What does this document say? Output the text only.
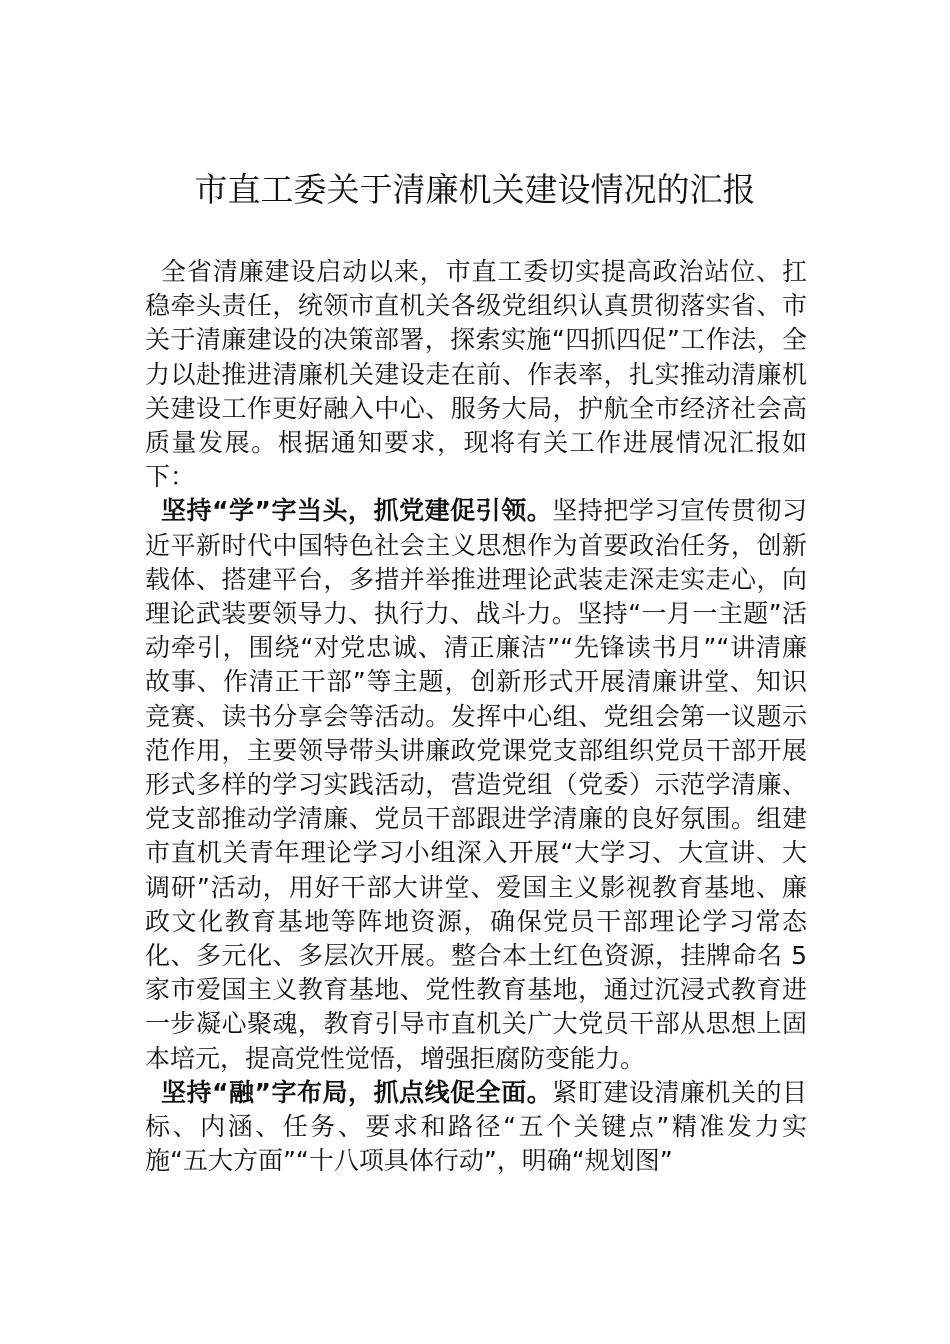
市直工委关于清廉机关建设情况的汇报

全省清廉建设启动以来，市直工委切实提高政治站位、扛稳牵头责任，统领市直机关各级党组织认真贯彻落实省、市关于清廉建设的决策部署，探索实施“四抓四促”工作法，全力以赴推进清廉机关建设走在前、作表率，扎实推动清廉机关建设工作更好融入中心、服务大局，护航全市经济社会高质量发展。根据通知要求，现将有关工作进展情况汇报如下：

坚持“学”字当头，抓党建促引领。坚持把学习宣传贯彻习近平新时代中国特色社会主义思想作为首要政治任务，创新载体、搭建平台，多措并举推进理论武装走深走实走心，向理论武装要领导力、执行力、战斗力。坚持“一月一主题”活动牵引，围绕“对党忠诚、清正廉洁”“先锋读书月”“讲清廉故事、作清正干部”等主题，创新形式开展清廉讲堂、知识竞赛、读书分享会等活动。发挥中心组、党组会第一议题示范作用，主要领导带头讲廉政党课党支部组织党员干部开展形式多样的学习实践活动，营造党组（党委）示范学清廉、党支部推动学清廉、党员干部跟进学清廉的良好氛围。组建市直机关青年理论学习小组深入开展“大学习、大宣讲、大调研”活动，用好干部大讲堂、爱国主义影视教育基地、廉政文化教育基地等阵地资源，确保党员干部理论学习常态化、多元化、多层次开展。整合本土红色资源，挂牌命名 5 家市爱国主义教育基地、党性教育基地，通过沉浸式教育进一步凝心聚魂，教育引导市直机关广大党员干部从思想上固本培元，提高党性觉悟，增强拒腐防变能力。

坚持“融”字布局，抓点线促全面。紧盯建设清廉机关的目标、内涵、任务、要求和路径“五个关键点”精准发力实施“五大方面”“十八项具体行动”，明确“规划图”
